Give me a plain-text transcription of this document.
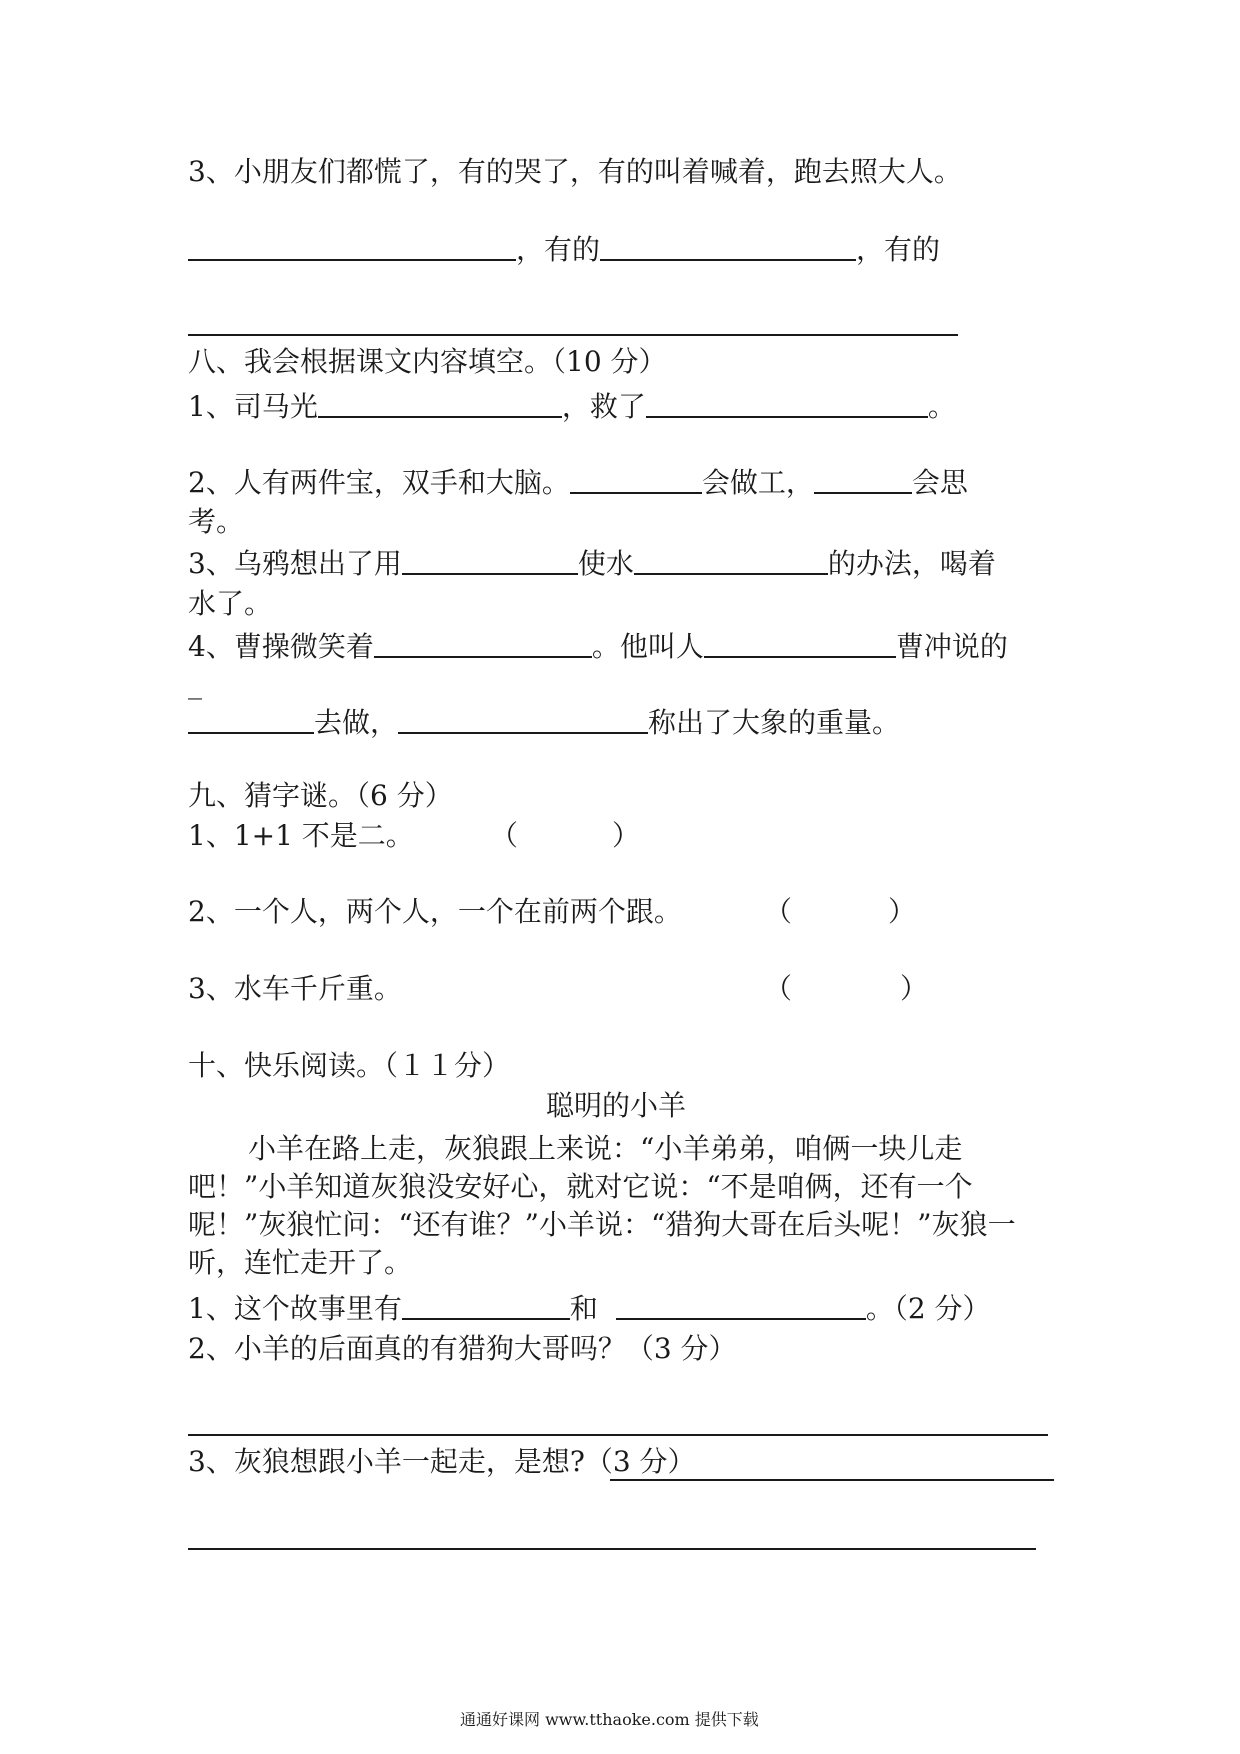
3、小朋友们都慌了，有的哭了，有的叫着喊着，跑去照大人。
，有的	，有的
八、我会根据课文内容填空。（10 分）
1、司马光	，救了	。
2、人有两件宝，双手和大脑。	会做工，	会思
考。
3、乌鸦想出了用	使水	的办法，喝着
水了。
4、曹操微笑着	。他叫人	曹冲说的
_
去做，	称出了大象的重量。
九、猜字谜。（6 分）
1、1+1 不是二。	（	）
2、一个人，两个人，一个在前两个跟。	（	）
3、水车千斤重。	（	）
十、快乐阅读。（１１分）
聪明的小羊
小羊在路上走，灰狼跟上来说：“小羊弟弟，咱俩一块儿走吧！”小羊知道灰狼没安好心，就对它说：“不是咱俩，还有一个呢！”灰狼忙问：“还有谁？”小羊说：“猎狗大哥在后头呢！”灰狼一听，连忙走开了。
1、这个故事里有	和	。（2 分）
2、小羊的后面真的有猎狗大哥吗？（3 分）
3、灰狼想跟小羊一起走，是想?（3 分）
通通好课网 www.tthaoke.com 提供下载
